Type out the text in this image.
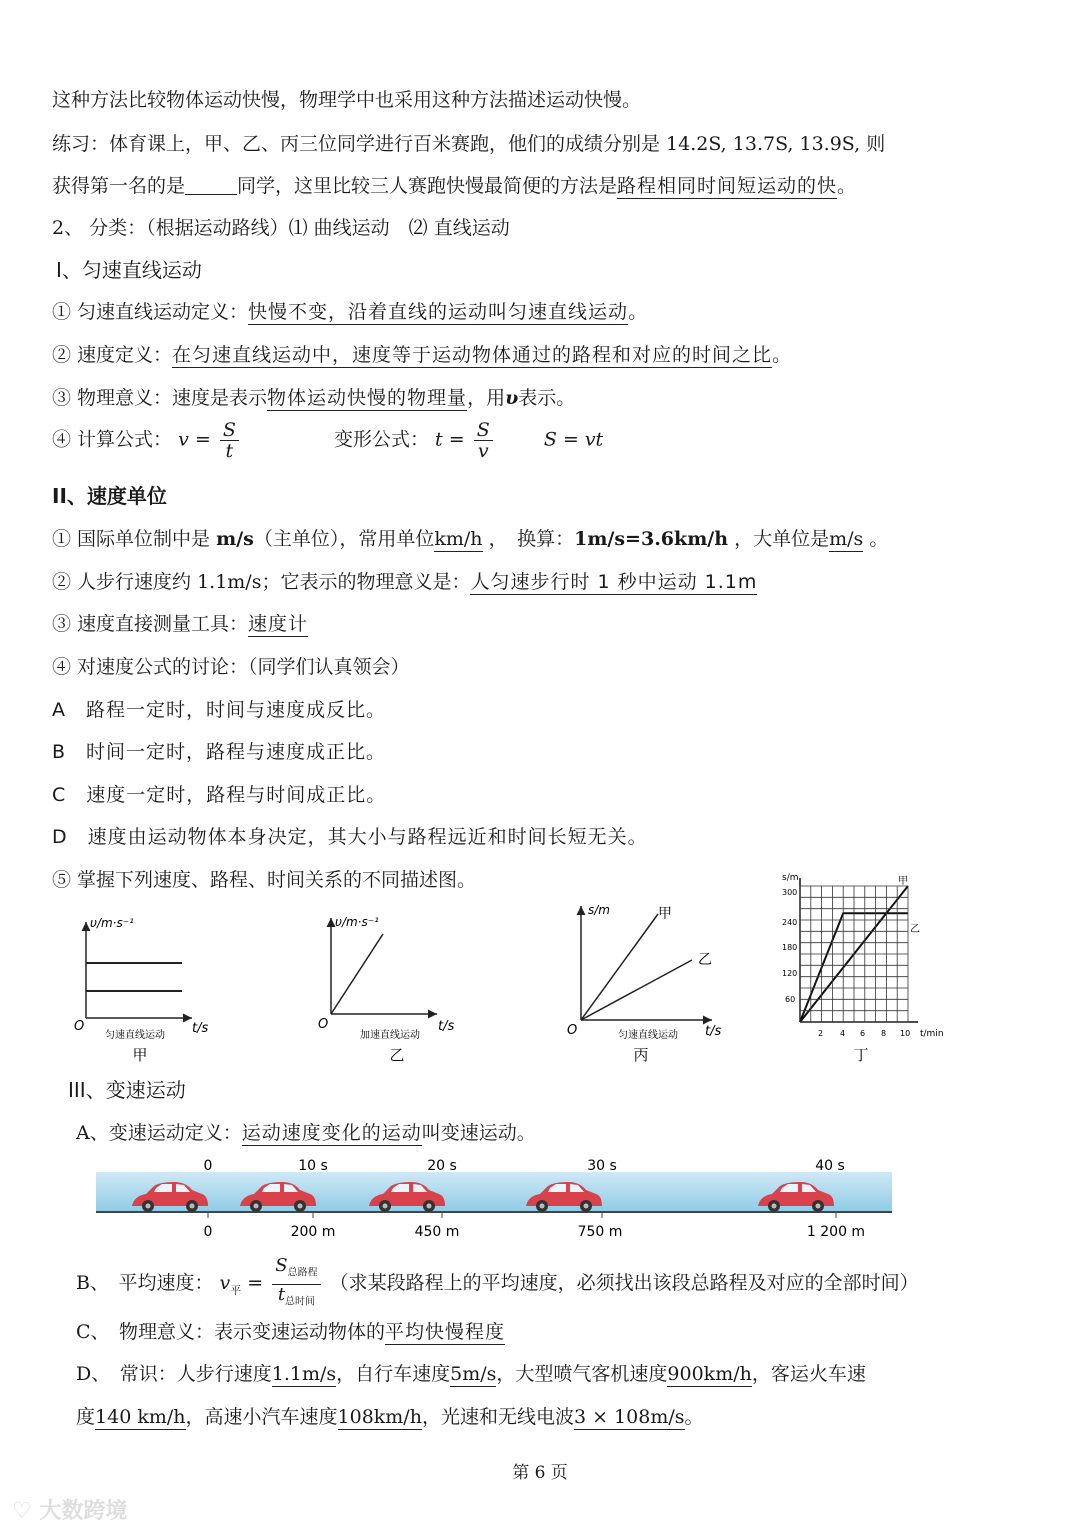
这种方法比较物体运动快慢，物理学中也采用这种方法描述运动快慢。
练习：体育课上，甲、乙、丙三位同学进行百米赛跑，他们的成绩分别是 14.2S, 13.7S, 13.9S, 则
获得第一名的是	同学，这里比较三人赛跑快慢最简便的方法是路程相同时间短运动的快。
2、 分类：（根据运动路线）⑴ 曲线运动　⑵ 直线运动
Ⅰ、匀速直线运动
① 匀速直线运动定义：快慢不变，沿着直线的运动叫匀速直线运动。
② 速度定义：在匀速直线运动中，速度等于运动物体通过的路程和对应的时间之比。
③ 物理意义：速度是表示物体运动快慢的物理量，用υ表示。
④ 计算公式： $v = \frac{S}{t}$	变形公式： $t = \frac{S}{v}$	S = vt
II、速度单位
① 国际单位制中是 m/s（主单位），常用单位km/h ，　换算：1m/s=3.6km/h ，大单位是m/s 。
② 人步行速度约 1.1m/s；它表示的物理意义是：人匀速步行时 1 秒中运动 1.1m
③ 速度直接测量工具：速度计
④ 对速度公式的讨论：（同学们认真领会）
A　路程一定时，时间与速度成反比。
B　时间一定时，路程与速度成正比。
C　速度一定时，路程与时间成正比。
D　速度由运动物体本身决定，其大小与路程远近和时间长短无关。
⑤ 掌握下列速度、路程、时间关系的不同描述图。
υ/m·s⁻¹
t/s
O
匀速直线运动
甲
υ/m·s⁻¹
t/s
O
加速直线运动
乙
s/m	甲
乙
t/s
O	匀速直线运动
丙
s/m	甲
乙
t/min
丁
300
240
180
120
60
2 4 6 8 10
III、变速运动
A、变速运动定义：运动速度变化的运动叫变速运动。
0	10 s	20 s	30 s	40 s
0	200 m	450 m	750 m	1 200 m
B、　平均速度： $v_平 = \frac{S_{总路程}}{t_{总时间}}$ （求某段路程上的平均速度，必须找出该段总路程及对应的全部时间）
C、　物理意义：表示变速运动物体的平均快慢程度
D、　常识：人步行速度1.1m/s，自行车速度5m/s，大型喷气客机速度900km/h，客运火车速
度140 km/h，高速小汽车速度108km/h，光速和无线电波3 × 108m/s。
第 6 页
♡ 大数跨境
